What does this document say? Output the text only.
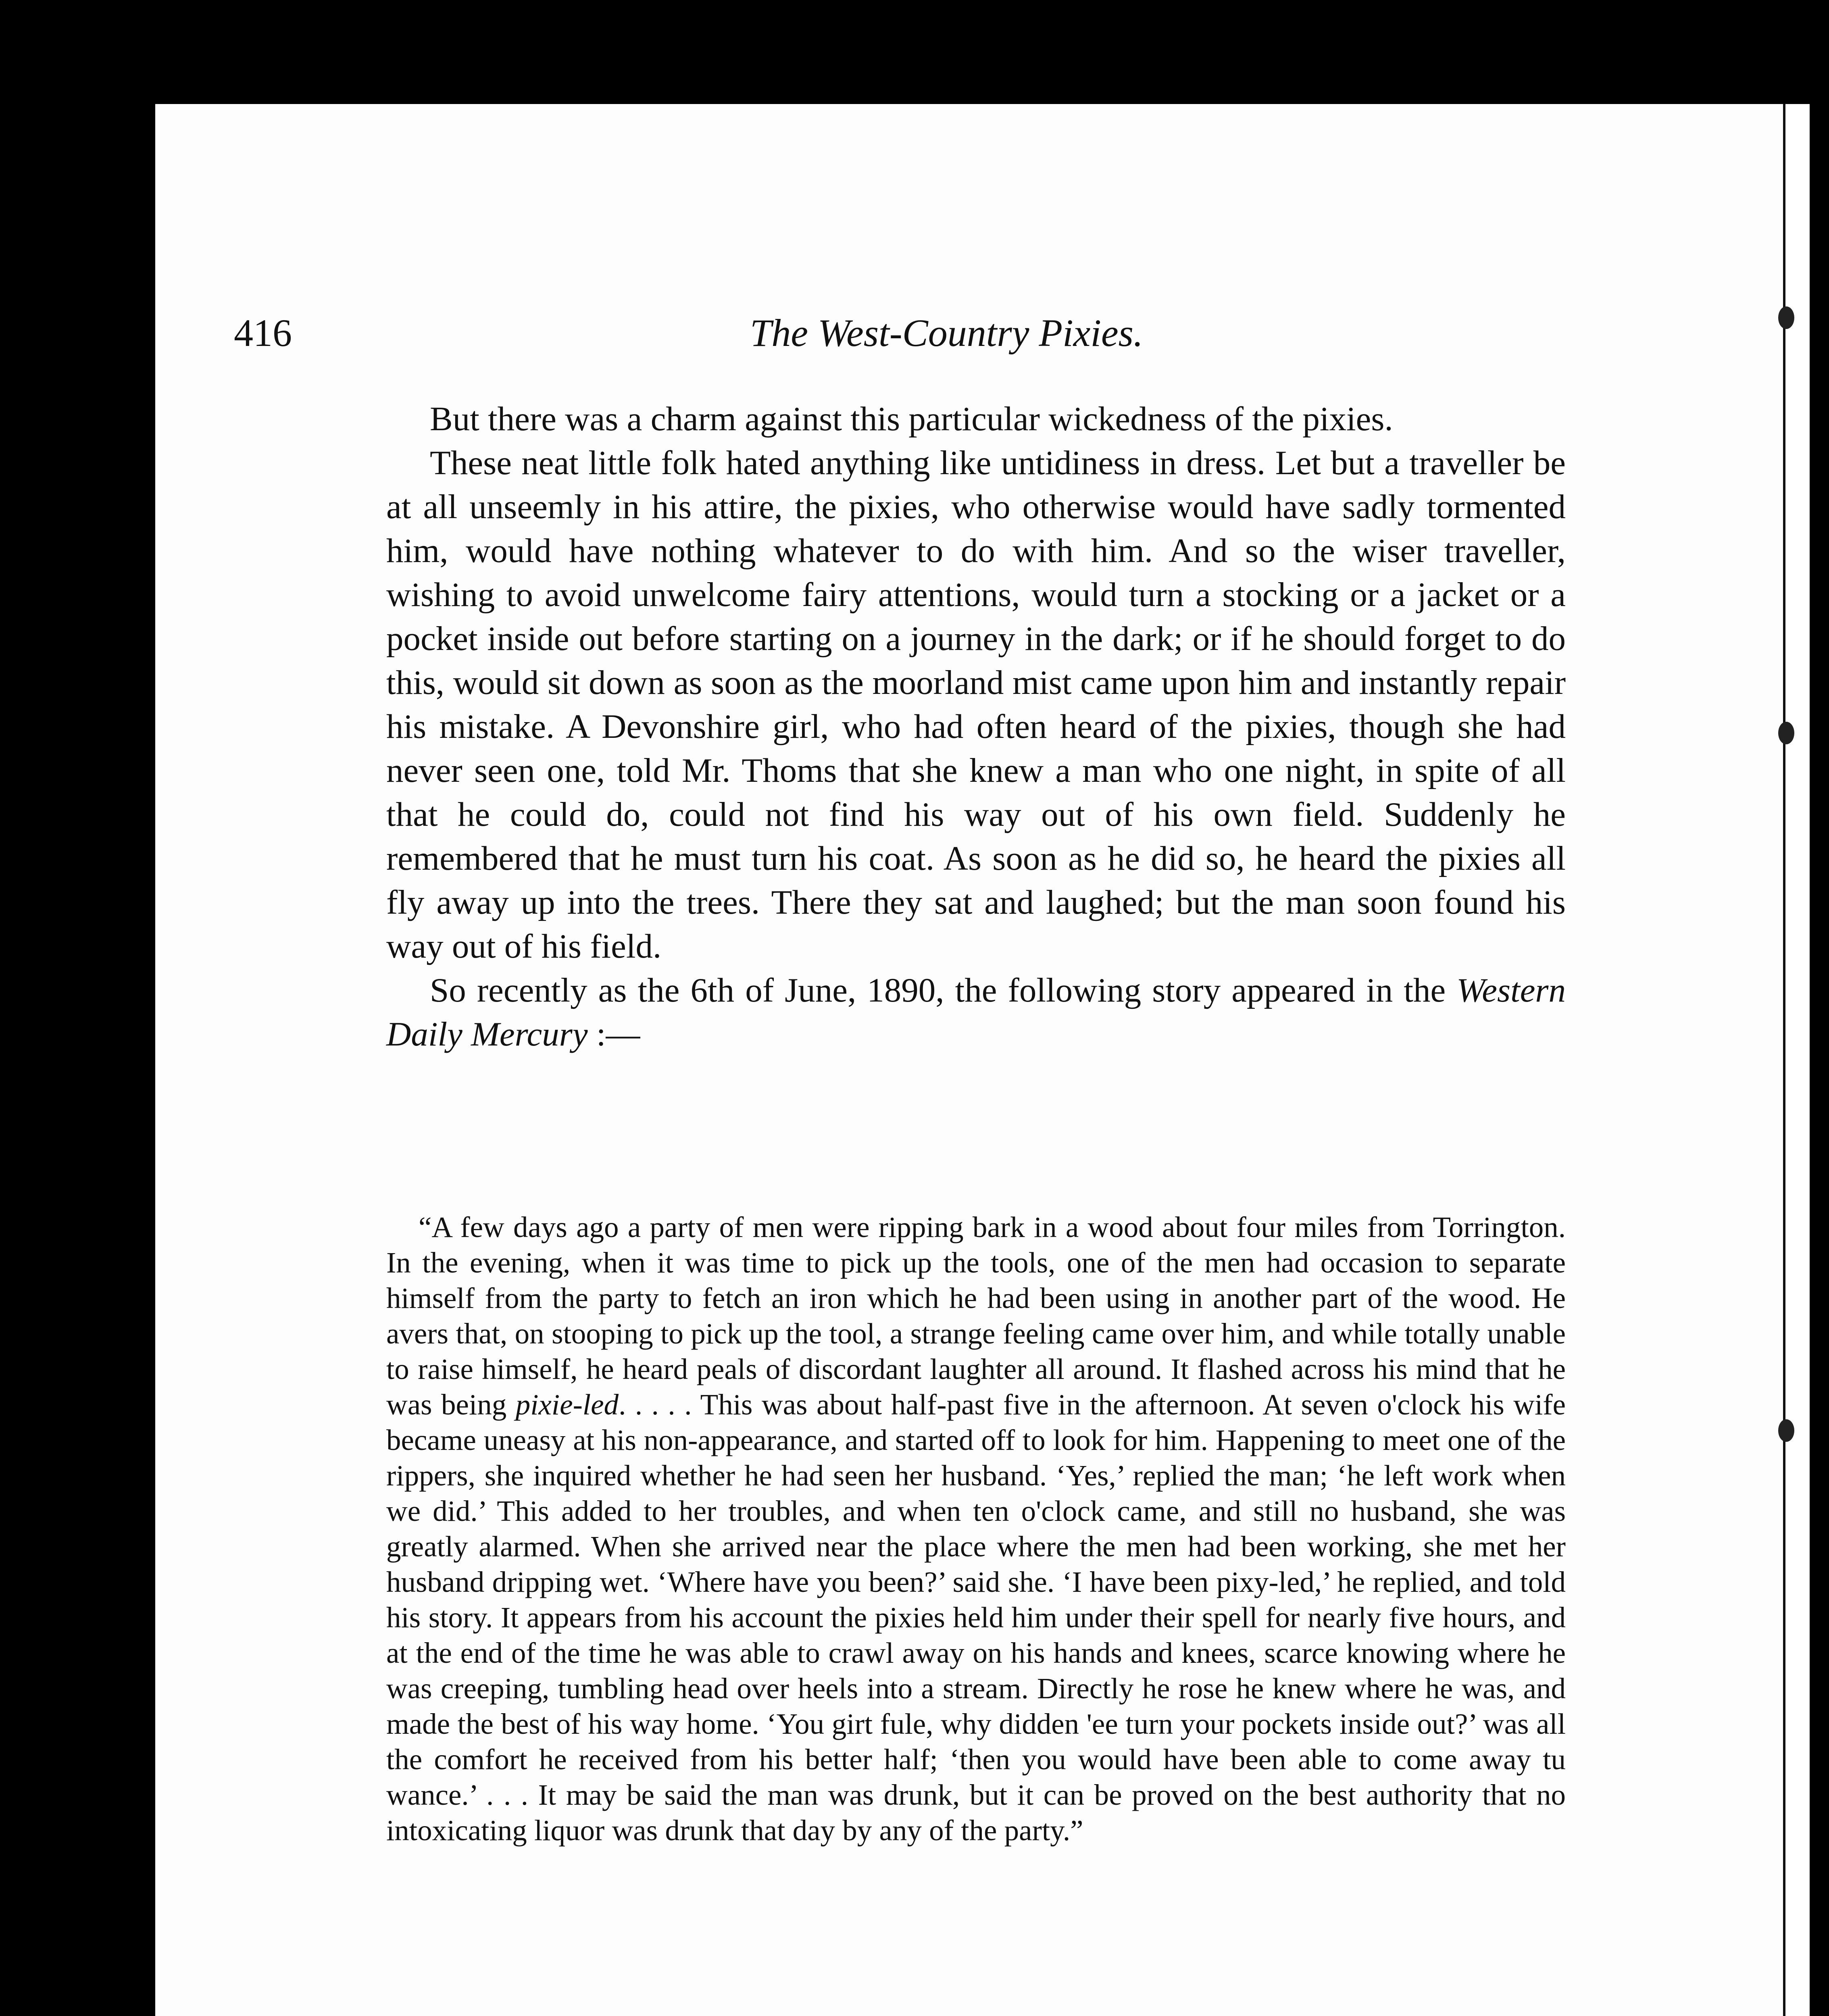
416	The West-Country Pixies.

But there was a charm against this particular wickedness of the pixies.

These neat little folk hated anything like untidiness in dress. Let but a traveller be at all unseemly in his attire, the pixies, who otherwise would have sadly tormented him, would have nothing whatever to do with him. And so the wiser traveller, wishing to avoid unwelcome fairy attentions, would turn a stocking or a jacket or a pocket inside out before starting on a journey in the dark; or if he should forget to do this, would sit down as soon as the moorland mist came upon him and instantly repair his mistake. A Devonshire girl, who had often heard of the pixies, though she had never seen one, told Mr. Thoms that she knew a man who one night, in spite of all that he could do, could not find his way out of his own field. Suddenly he remembered that he must turn his coat. As soon as he did so, he heard the pixies all fly away up into the trees. There they sat and laughed; but the man soon found his way out of his field.

So recently as the 6th of June, 1890, the following story appeared in the Western Daily Mercury :—

“A few days ago a party of men were ripping bark in a wood about four miles from Torrington. In the evening, when it was time to pick up the tools, one of the men had occasion to separate himself from the party to fetch an iron which he had been using in another part of the wood. He avers that, on stooping to pick up the tool, a strange feeling came over him, and while totally unable to raise himself, he heard peals of discordant laughter all around. It flashed across his mind that he was being pixie-led. . . . . This was about half-past five in the afternoon. At seven o'clock his wife became uneasy at his non-appearance, and started off to look for him. Happening to meet one of the rippers, she inquired whether he had seen her husband. ‘Yes,’ replied the man; ‘he left work when we did.’ This added to her troubles, and when ten o'clock came, and still no husband, she was greatly alarmed. When she arrived near the place where the men had been working, she met her husband dripping wet. ‘Where have you been?’ said she. ‘I have been pixy-led,’ he replied, and told his story. It appears from his account the pixies held him under their spell for nearly five hours, and at the end of the time he was able to crawl away on his hands and knees, scarce knowing where he was creeping, tumbling head over heels into a stream. Directly he rose he knew where he was, and made the best of his way home. ‘You girt fule, why didden 'ee turn your pockets inside out?’ was all the comfort he received from his better half; ‘then you would have been able to come away tu wance.’ . . . It may be said the man was drunk, but it can be proved on the best authority that no intoxicating liquor was drunk that day by any of the party.”
